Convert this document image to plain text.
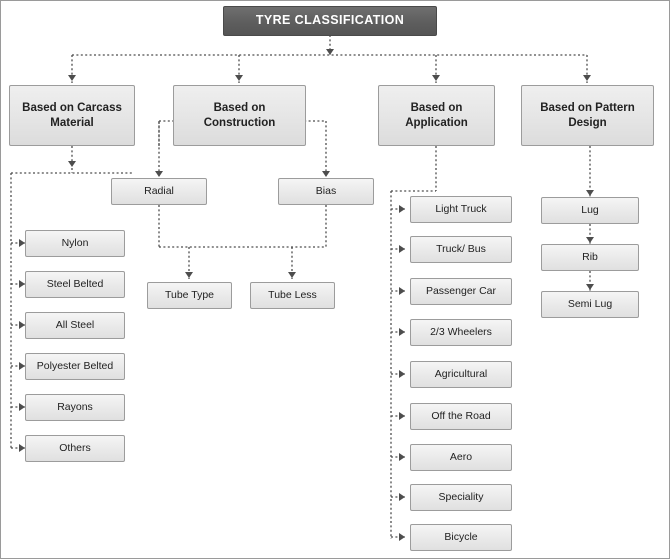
TYRE CLASSIFICATION
Based on Carcass Material
Based on Construction
Based on Application
Based on Pattern Design
Nylon
Steel Belted
All Steel
Polyester Belted
Rayons
Others
Radial	Bias
Tube Type	Tube Less
Light Truck
Truck/ Bus
Passenger Car
2/3 Wheelers
Agricultural
Off the Road
Aero
Speciality
Bicycle
Lug
Rib
Semi Lug
